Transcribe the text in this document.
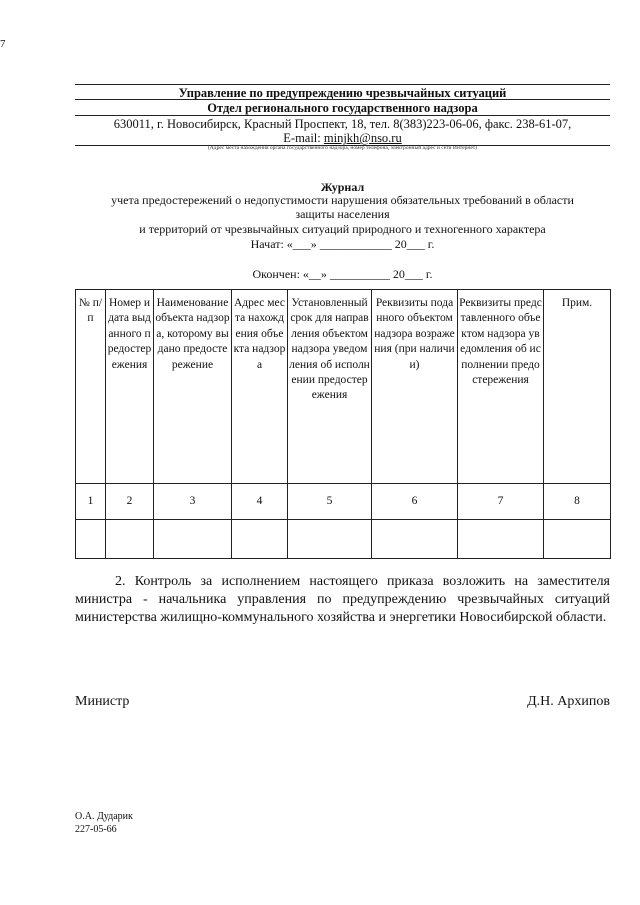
7
Управление по предупреждению чрезвычайных ситуаций
Отдел регионального государственного надзора
630011, г. Новосибирск, Красный Проспект, 18, тел. 8(383)223-06-06, факс. 238-61-07,
E-mail: minjkh@nso.ru
(Адрес места нахождения органа государственного надзора, номер телефона, электронный адрес и сети Интернет)
Журнал
учета предостережений о недопустимости нарушения обязательных требований в области
защиты населения
и территорий от чрезвычайных ситуаций природного и техногенного характера
Начат: «___» ____________ 20___ г.
Окончен: «__» __________ 20___ г.
№ п/п	Номер и дата выданного предостережения	Наименование объекта надзора, которому выдано предостережение	Адрес места нахождения объекта надзора	Установленный срок для направления объектом надзора уведомления об исполнении предостережения	Реквизиты поданного объектом надзора возражения (при наличии)	Реквизиты представленного объектом надзора уведомления об исполнении предостережения	Прим.
1	2	3	4	5	6	7	8

2. Контроль за исполнением настоящего приказа возложить на заместителя министра - начальника управления по предупреждению чрезвычайных ситуаций министерства жилищно-коммунального хозяйства и энергетики Новосибирской области.
Министр	Д.Н. Архипов
О.А. Дударик
227-05-66
